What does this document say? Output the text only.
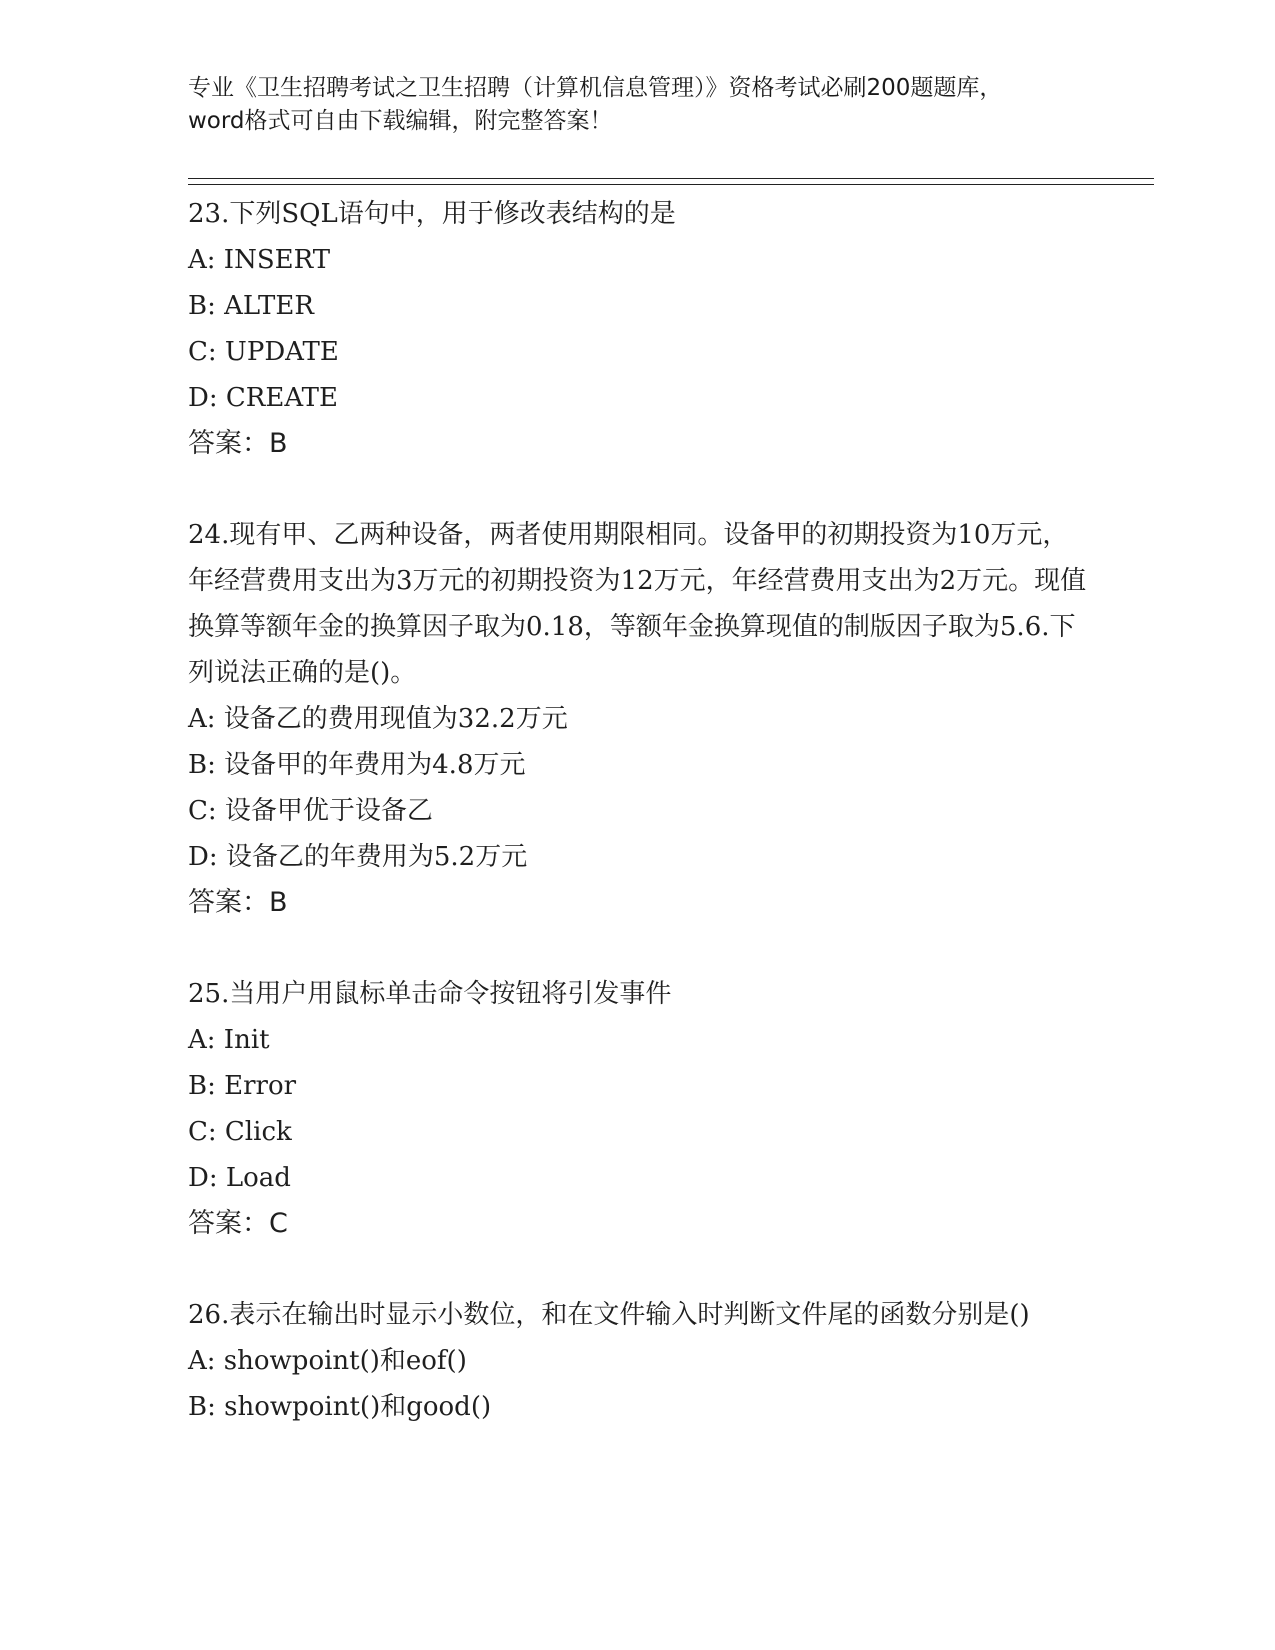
专业《卫生招聘考试之卫生招聘（计算机信息管理）》资格考试必刷200题题库，
word格式可自由下载编辑，附完整答案！

23.下列SQL语句中，用于修改表结构的是

A: INSERT

B: ALTER

C: UPDATE

D: CREATE

答案：B

24.现有甲、乙两种设备，两者使用期限相同。设备甲的初期投资为10万元，年经营费用支出为3万元的初期投资为12万元，年经营费用支出为2万元。现值换算等额年金的换算因子取为0.18，等额年金换算现值的制版因子取为5.6.下列说法正确的是()。

A: 设备乙的费用现值为32.2万元

B: 设备甲的年费用为4.8万元

C: 设备甲优于设备乙

D: 设备乙的年费用为5.2万元

答案：B

25.当用户用鼠标单击命令按钮将引发事件

A: Init

B: Error

C: Click

D: Load

答案：C

26.表示在输出时显示小数位，和在文件输入时判断文件尾的函数分别是()

A: showpoint()和eof()

B: showpoint()和good()
